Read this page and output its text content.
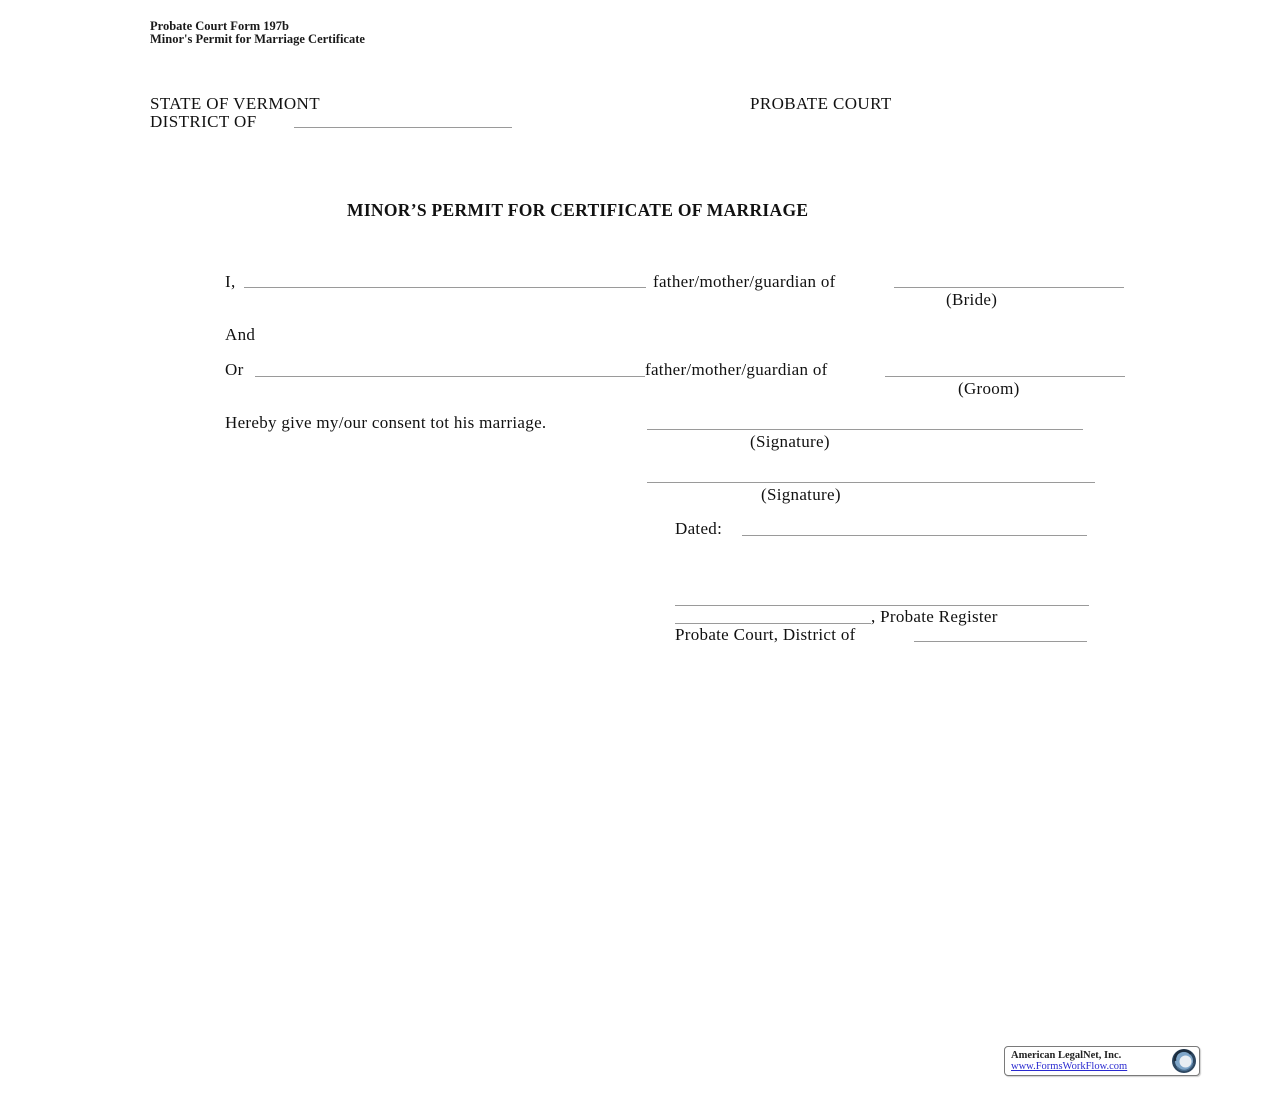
Probate Court Form 197b
Minor's Permit for Marriage Certificate
STATE OF VERMONT
DISTRICT OF
PROBATE COURT
MINOR’S PERMIT FOR CERTIFICATE OF MARRIAGE
I,	father/mother/guardian of
(Bride)
And
Or	father/mother/guardian of
(Groom)
Hereby give my/our consent tot his marriage.
(Signature)
(Signature)
Dated:
, Probate Register
Probate Court, District of
American LegalNet, Inc.
www.FormsWorkFlow.com
